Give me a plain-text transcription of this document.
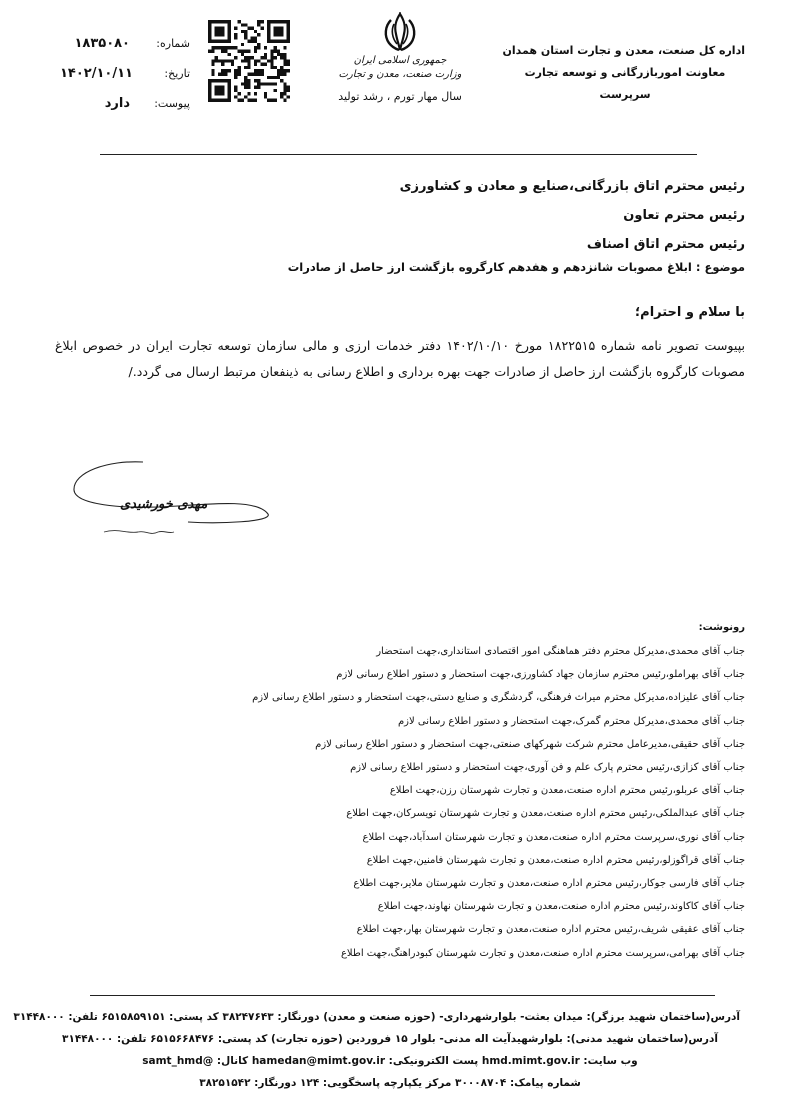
اداره کل صنعت، معدن و تجارت استان همدان
معاونت اموربازرگانی و توسعه تجارت
سرپرست
جمهوری اسلامی ایران
وزارت صنعت، معدن و تجارت
سال مهار تورم ، رشد تولید
شماره:
۱۸۳۵۰۸۰
تاریخ:
۱۴۰۲/۱۰/۱۱
پیوست:
دارد
رئیس محترم اتاق بازرگانی،صنایع و معادن و کشاورزی
رئیس محترم تعاون
رئیس محترم اتاق اصناف
موضوع : ابلاغ مصوبات شانزدهم و هفدهم کارگروه بازگشت ارز حاصل از صادرات
با سلام و احترام؛
بپیوست تصویر نامه شماره ۱۸۲۲۵۱۵ مورخ ۱۴۰۲/۱۰/۱۰ دفتر خدمات ارزی و مالی سازمان توسعه تجارت ایران در خصوص ابلاغ مصوبات کارگروه بازگشت ارز حاصل از صادرات جهت بهره برداری و اطلاع رسانی به ذینفعان مرتبط ارسال می گردد./
مهدی خورشیدی
رونوشت:
جناب آقای محمدی،مدیرکل محترم دفتر هماهنگی امور اقتصادی استانداری،جهت استحضار
جناب آقای بهراملو،رئیس محترم سازمان جهاد کشاورزی،جهت استحضار و دستور اطلاع رسانی لازم
جناب آقای علیزاده،مدیرکل محترم میراث فرهنگی، گردشگری و صنایع دستی،جهت استحضار و دستور اطلاع رسانی لازم
جناب آقای محمدی،مدیرکل محترم گمرک،جهت استحضار و دستور اطلاع رسانی لازم
جناب آقای حقیقی،مدیرعامل محترم شرکت شهرکهای صنعتی،جهت استحضار و دستور اطلاع رسانی لازم
جناب آقای کزازی،رئیس محترم پارک علم و فن آوری،جهت استحضار و دستور اطلاع رسانی لازم
جناب آقای عربلو،رئیس محترم اداره صنعت،معدن و تجارت شهرستان رزن،جهت اطلاع
جناب آقای عبدالملکی،رئیس محترم اداره صنعت،معدن و تجارت شهرستان تویسرکان،جهت اطلاع
جناب آقای نوری،سرپرست محترم اداره صنعت،معدن و تجارت شهرستان اسدآباد،جهت اطلاع
جناب آقای قراگوزلو،رئیس محترم اداره صنعت،معدن و تجارت شهرستان فامنین،جهت اطلاع
جناب آقای فارسی جوکار،رئیس محترم اداره صنعت،معدن و تجارت شهرستان ملایر،جهت اطلاع
جناب آقای کاکاوند،رئیس محترم اداره صنعت،معدن و تجارت شهرستان نهاوند،جهت اطلاع
جناب آقای عقیقی شریف،رئیس محترم اداره صنعت،معدن و تجارت شهرستان بهار،جهت اطلاع
جناب آقای بهرامی،سرپرست محترم اداره صنعت،معدن و تجارت شهرستان کبودراهنگ،جهت اطلاع
آدرس(ساختمان شهید برزگر): میدان بعثت- بلوارشهرداری- (حوزه صنعت و معدن) دورنگار: ۳۸۲۴۷۶۴۳ کد پستی: ۶۵۱۵۸۵۹۱۵۱ تلفن: ۳۱۴۴۸۰۰۰
آدرس(ساختمان شهید مدنی): بلوارشهیدآیت اله مدنی- بلوار ۱۵ فروردین (حوزه تجارت) کد پستی: ۶۵۱۵۶۶۸۴۷۶ تلفن: ۳۱۴۴۸۰۰۰
وب سایت: hmd.mimt.gov.ir پست الکترونیکی: hamedan@mimt.gov.ir کانال: @samt_hmd
شماره پیامک: ۳۰۰۰۸۷۰۴ مرکز یکپارچه پاسخگویی: ۱۲۴ دورنگار: ۳۸۲۵۱۵۴۲
